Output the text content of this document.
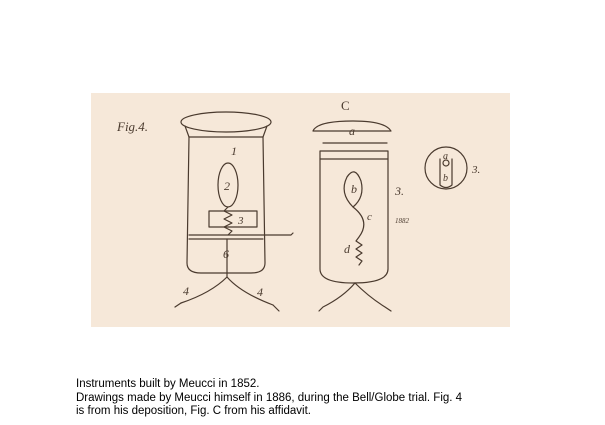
Fig.4.
1
2
3
6
4	4
C
a
b
c
d
3.
1882
a
b
3.
Instruments built by Meucci in 1852.
Drawings made by Meucci himself in 1886, during the Bell/Globe trial. Fig. 4
is from his deposition, Fig. C from his affidavit.
